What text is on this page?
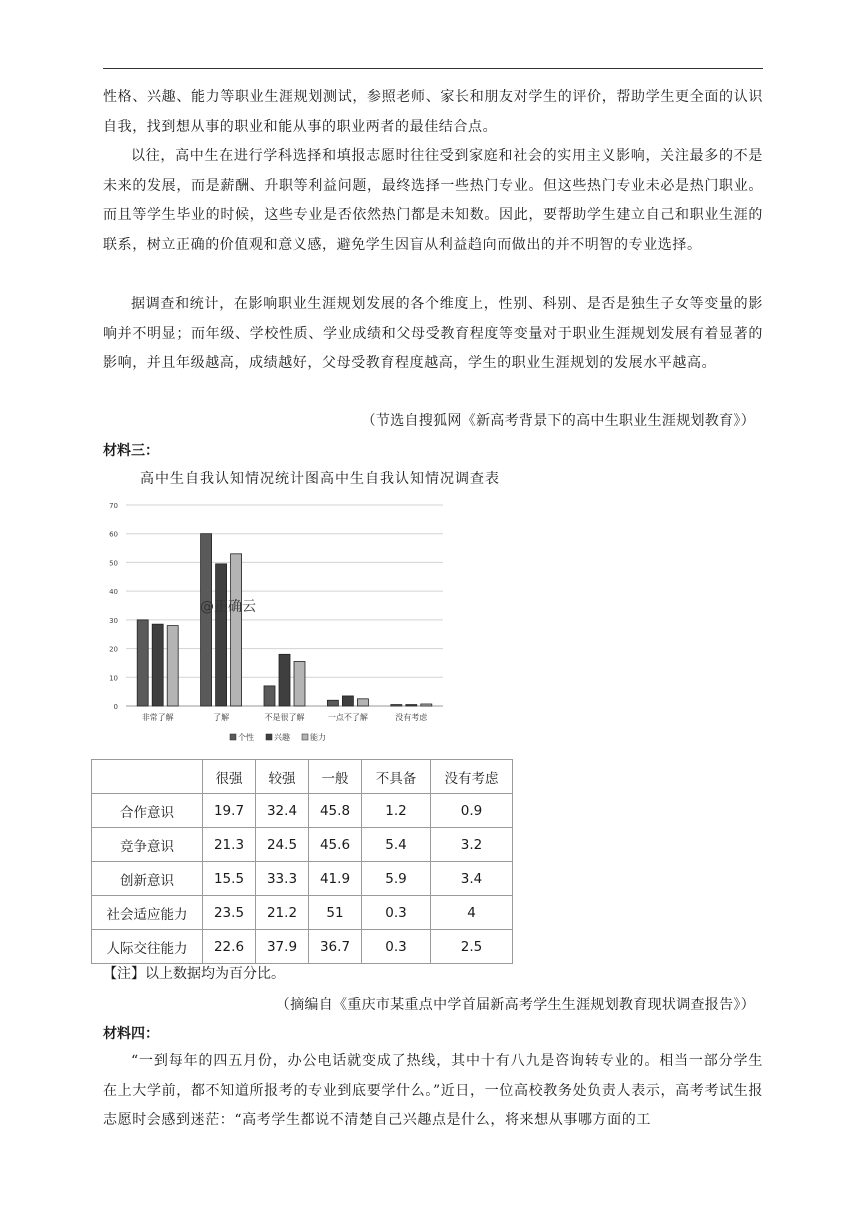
性格、兴趣、能力等职业生涯规划测试，参照老师、家长和朋友对学生的评价，帮助学生更全面的认识自我，找到想从事的职业和能从事的职业两者的最佳结合点。

以往，高中生在进行学科选择和填报志愿时往往受到家庭和社会的实用主义影响，关注最多的不是未来的发展，而是薪酬、升职等利益问题，最终选择一些热门专业。但这些热门专业未必是热门职业。而且等学生毕业的时候，这些专业是否依然热门都是未知数。因此，要帮助学生建立自己和职业生涯的联系，树立正确的价值观和意义感，避免学生因盲从利益趋向而做出的并不明智的专业选择。

据调查和统计，在影响职业生涯规划发展的各个维度上，性别、科别、是否是独生子女等变量的影响并不明显；而年级、学校性质、学业成绩和父母受教育程度等变量对于职业生涯规划发展有着显著的影响，并且年级越高，成绩越好，父母受教育程度越高，学生的职业生涯规划的发展水平越高。

（节选自搜狐网《新高考背景下的高中生职业生涯规划教育》）
材料三：
高中生自我认知情况统计图高中生自我认知情况调查表
0
10
20
30
40
50
60
70
非常了解	了解	不是很了解	一点不了解	没有考虑
@正确云
个性	兴趣	能力
	很强	较强	一般	不具备	没有考虑
合作意识	19.7	32.4	45.8	1.2	0.9
竞争意识	21.3	24.5	45.6	5.4	3.2
创新意识	15.5	33.3	41.9	5.9	3.4
社会适应能力	23.5	21.2	51	0.3	4
人际交往能力	22.6	37.9	36.7	0.3	2.5
【注】以上数据均为百分比。
（摘编自《重庆市某重点中学首届新高考学生生涯规划教育现状调查报告》）
材料四：

“一到每年的四五月份，办公电话就变成了热线，其中十有八九是咨询转专业的。相当一部分学生在上大学前，都不知道所报考的专业到底要学什么。”近日，一位高校教务处负责人表示，高考考试生报志愿时会感到迷茫：“高考学生都说不清楚自己兴趣点是什么，将来想从事哪方面的工
